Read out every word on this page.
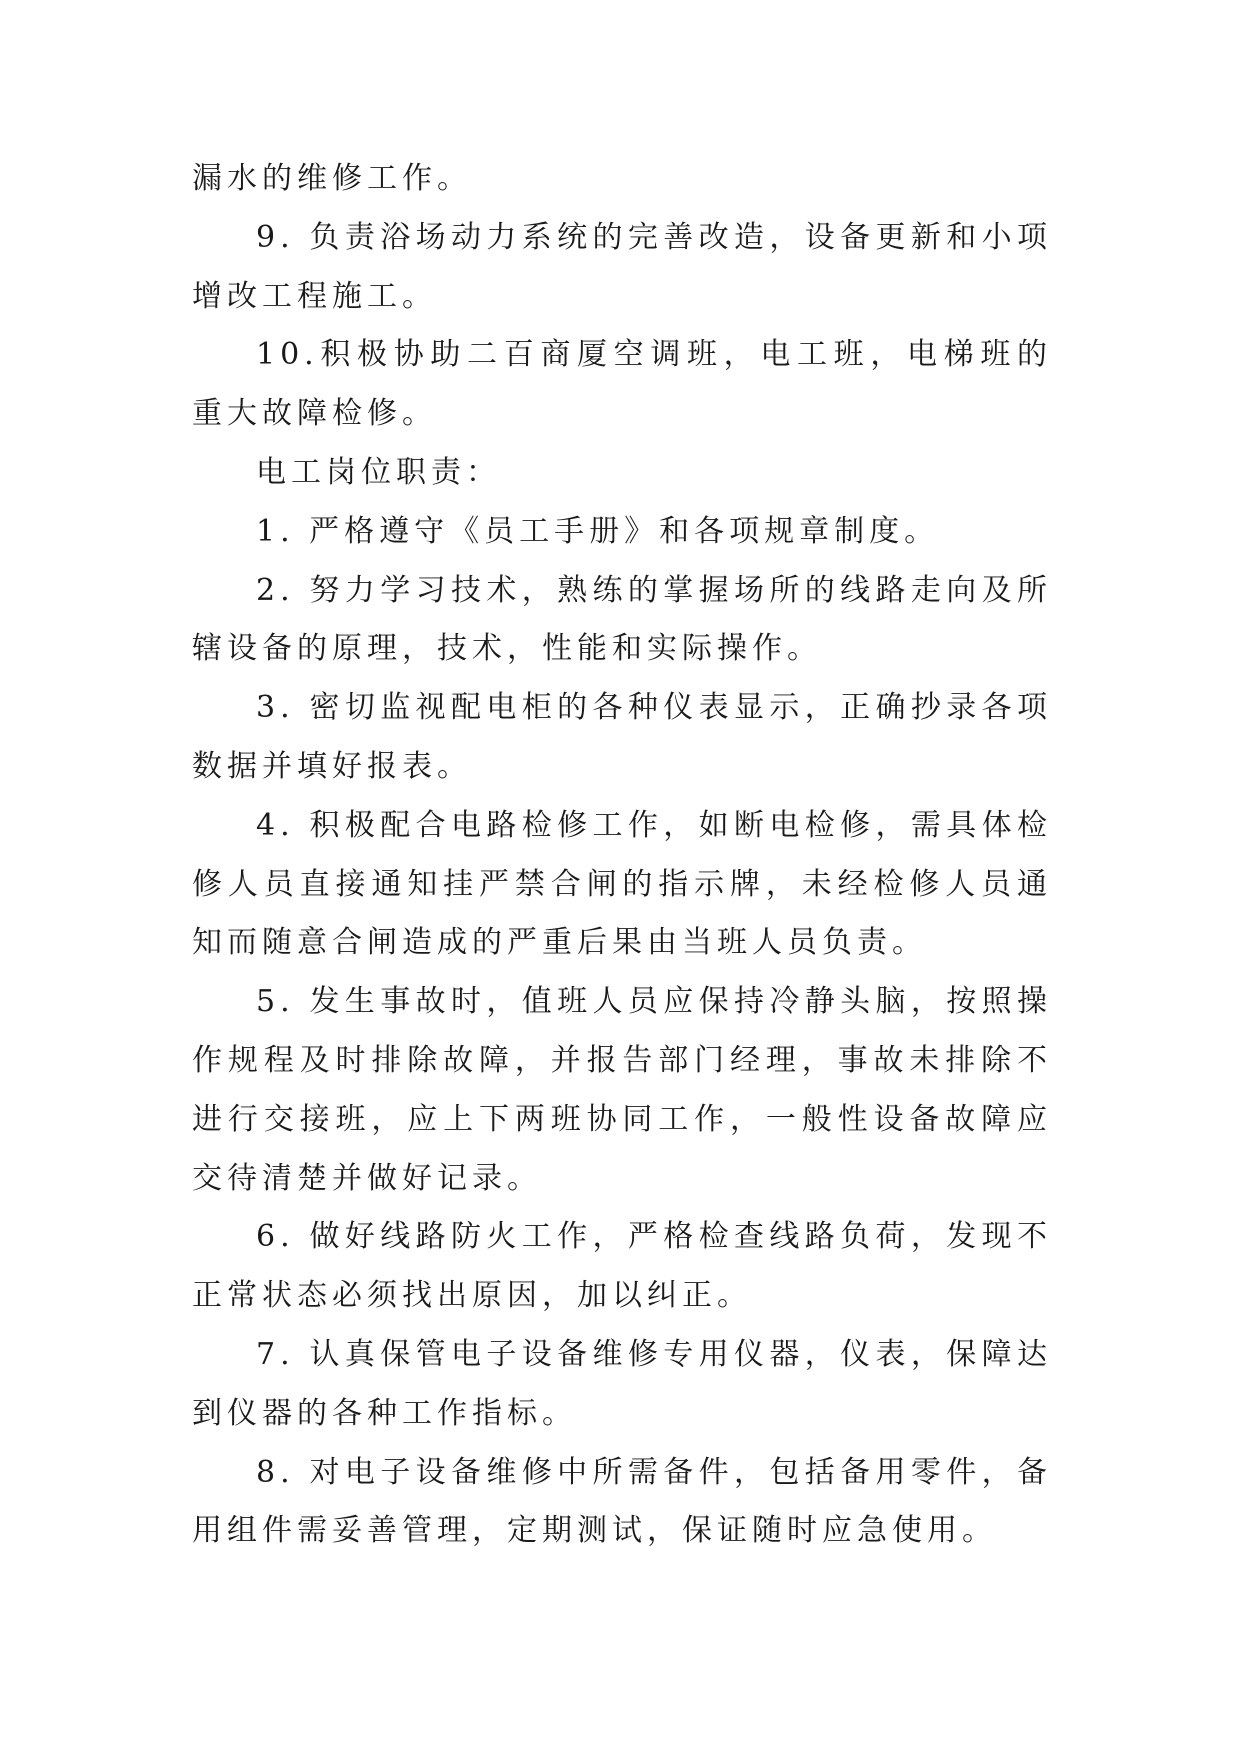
漏水的维修工作。

9. 负责浴场动力系统的完善改造，设备更新和小项增改工程施工。

10.积极协助二百商厦空调班，电工班，电梯班的重大故障检修。

电工岗位职责：

1. 严格遵守《员工手册》和各项规章制度。

2. 努力学习技术，熟练的掌握场所的线路走向及所辖设备的原理，技术，性能和实际操作。

3. 密切监视配电柜的各种仪表显示，正确抄录各项数据并填好报表。

4. 积极配合电路检修工作，如断电检修，需具体检修人员直接通知挂严禁合闸的指示牌，未经检修人员通知而随意合闸造成的严重后果由当班人员负责。

5. 发生事故时，值班人员应保持冷静头脑，按照操作规程及时排除故障，并报告部门经理，事故未排除不进行交接班，应上下两班协同工作，一般性设备故障应交待清楚并做好记录。

6. 做好线路防火工作，严格检查线路负荷，发现不正常状态必须找出原因，加以纠正。

7. 认真保管电子设备维修专用仪器，仪表，保障达到仪器的各种工作指标。

8. 对电子设备维修中所需备件，包括备用零件，备用组件需妥善管理，定期测试，保证随时应急使用。
